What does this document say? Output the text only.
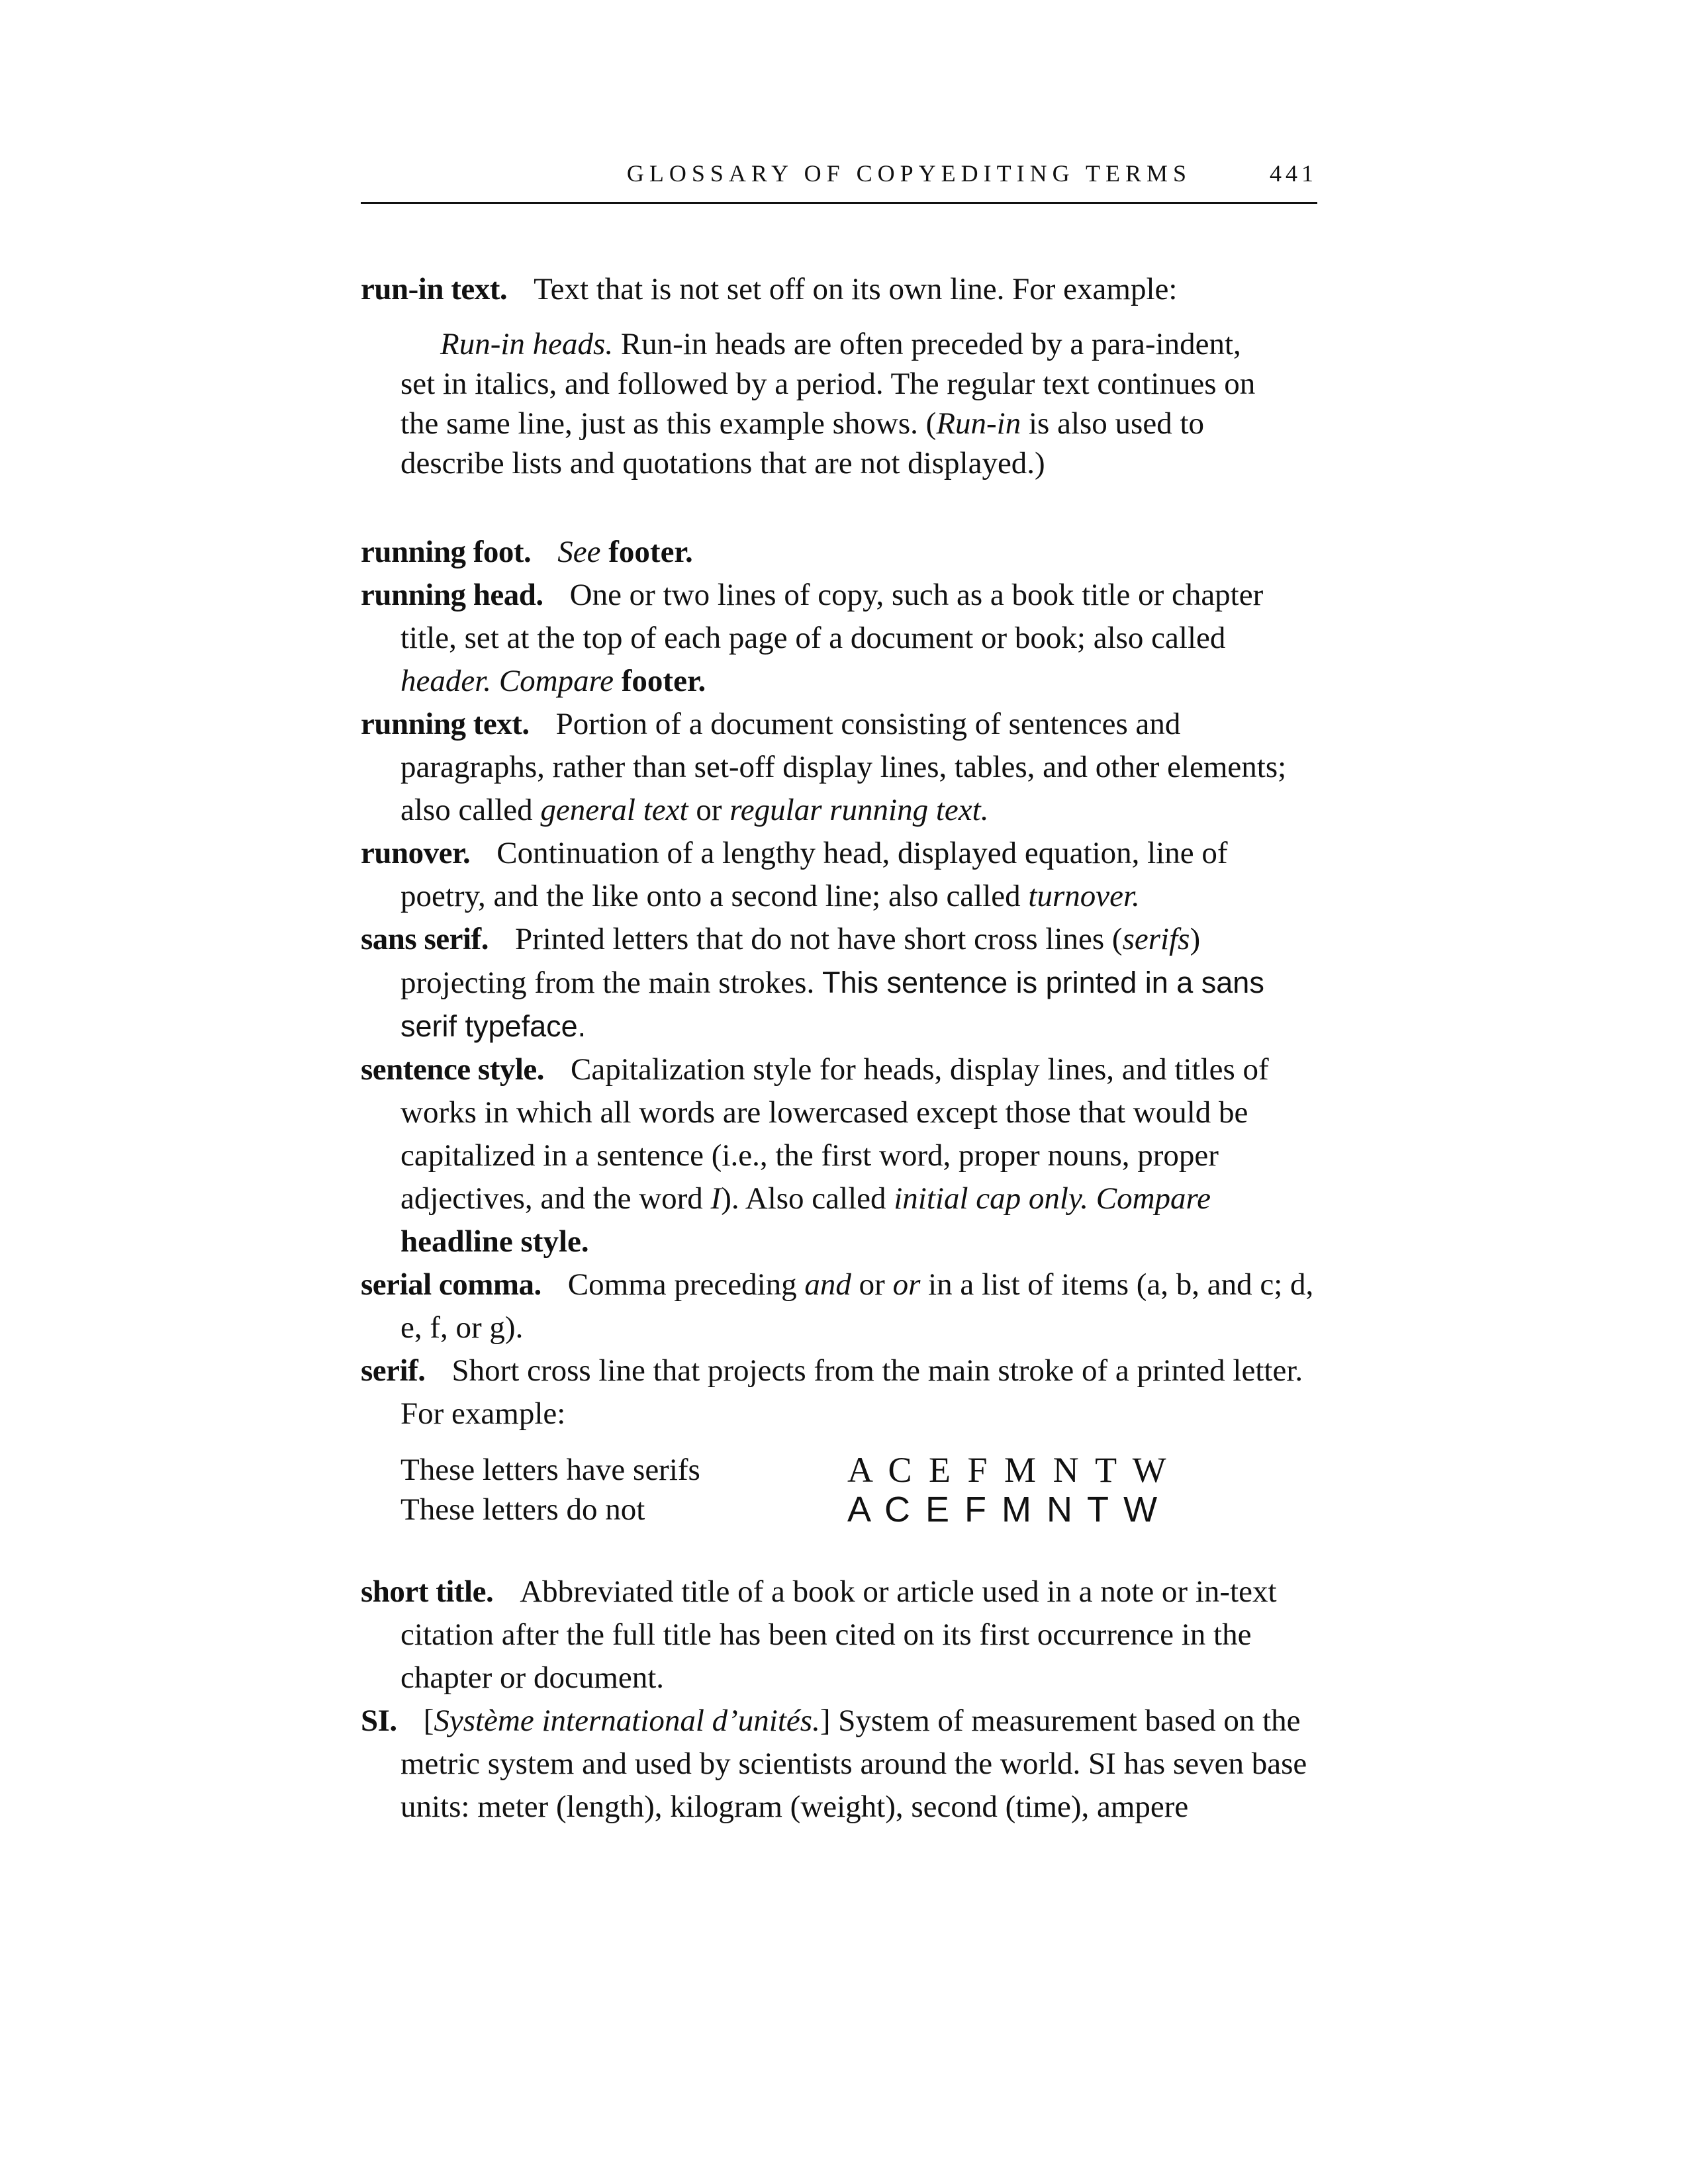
GLOSSARY OF COPYEDITING TERMS	441

run-in text. Text that is not set off on its own line. For example:

Run-in heads. Run-in heads are often preceded by a para-indent, set in italics, and followed by a period. The regular text continues on the same line, just as this example shows. (Run-in is also used to describe lists and quotations that are not displayed.)

running foot. See footer.

running head. One or two lines of copy, such as a book title or chapter title, set at the top of each page of a document or book; also called header. Compare footer.

running text. Portion of a document consisting of sentences and paragraphs, rather than set-off display lines, tables, and other elements; also called general text or regular running text.

runover. Continuation of a lengthy head, displayed equation, line of poetry, and the like onto a second line; also called turnover.

sans serif. Printed letters that do not have short cross lines (serifs) projecting from the main strokes. This sentence is printed in a sans serif typeface.

sentence style. Capitalization style for heads, display lines, and titles of works in which all words are lowercased except those that would be capitalized in a sentence (i.e., the first word, proper nouns, proper adjectives, and the word I). Also called initial cap only. Compare headline style.

serial comma. Comma preceding and or or in a list of items (a, b, and c; d, e, f, or g).

serif. Short cross line that projects from the main stroke of a printed letter. For example:

These letters have serifs	A C E F M N T W
These letters do not	A C E F M N T W

short title. Abbreviated title of a book or article used in a note or in-text citation after the full title has been cited on its first occurrence in the chapter or document.

SI. [Système international d’unités.] System of measurement based on the metric system and used by scientists around the world. SI has seven base units: meter (length), kilogram (weight), second (time), ampere
